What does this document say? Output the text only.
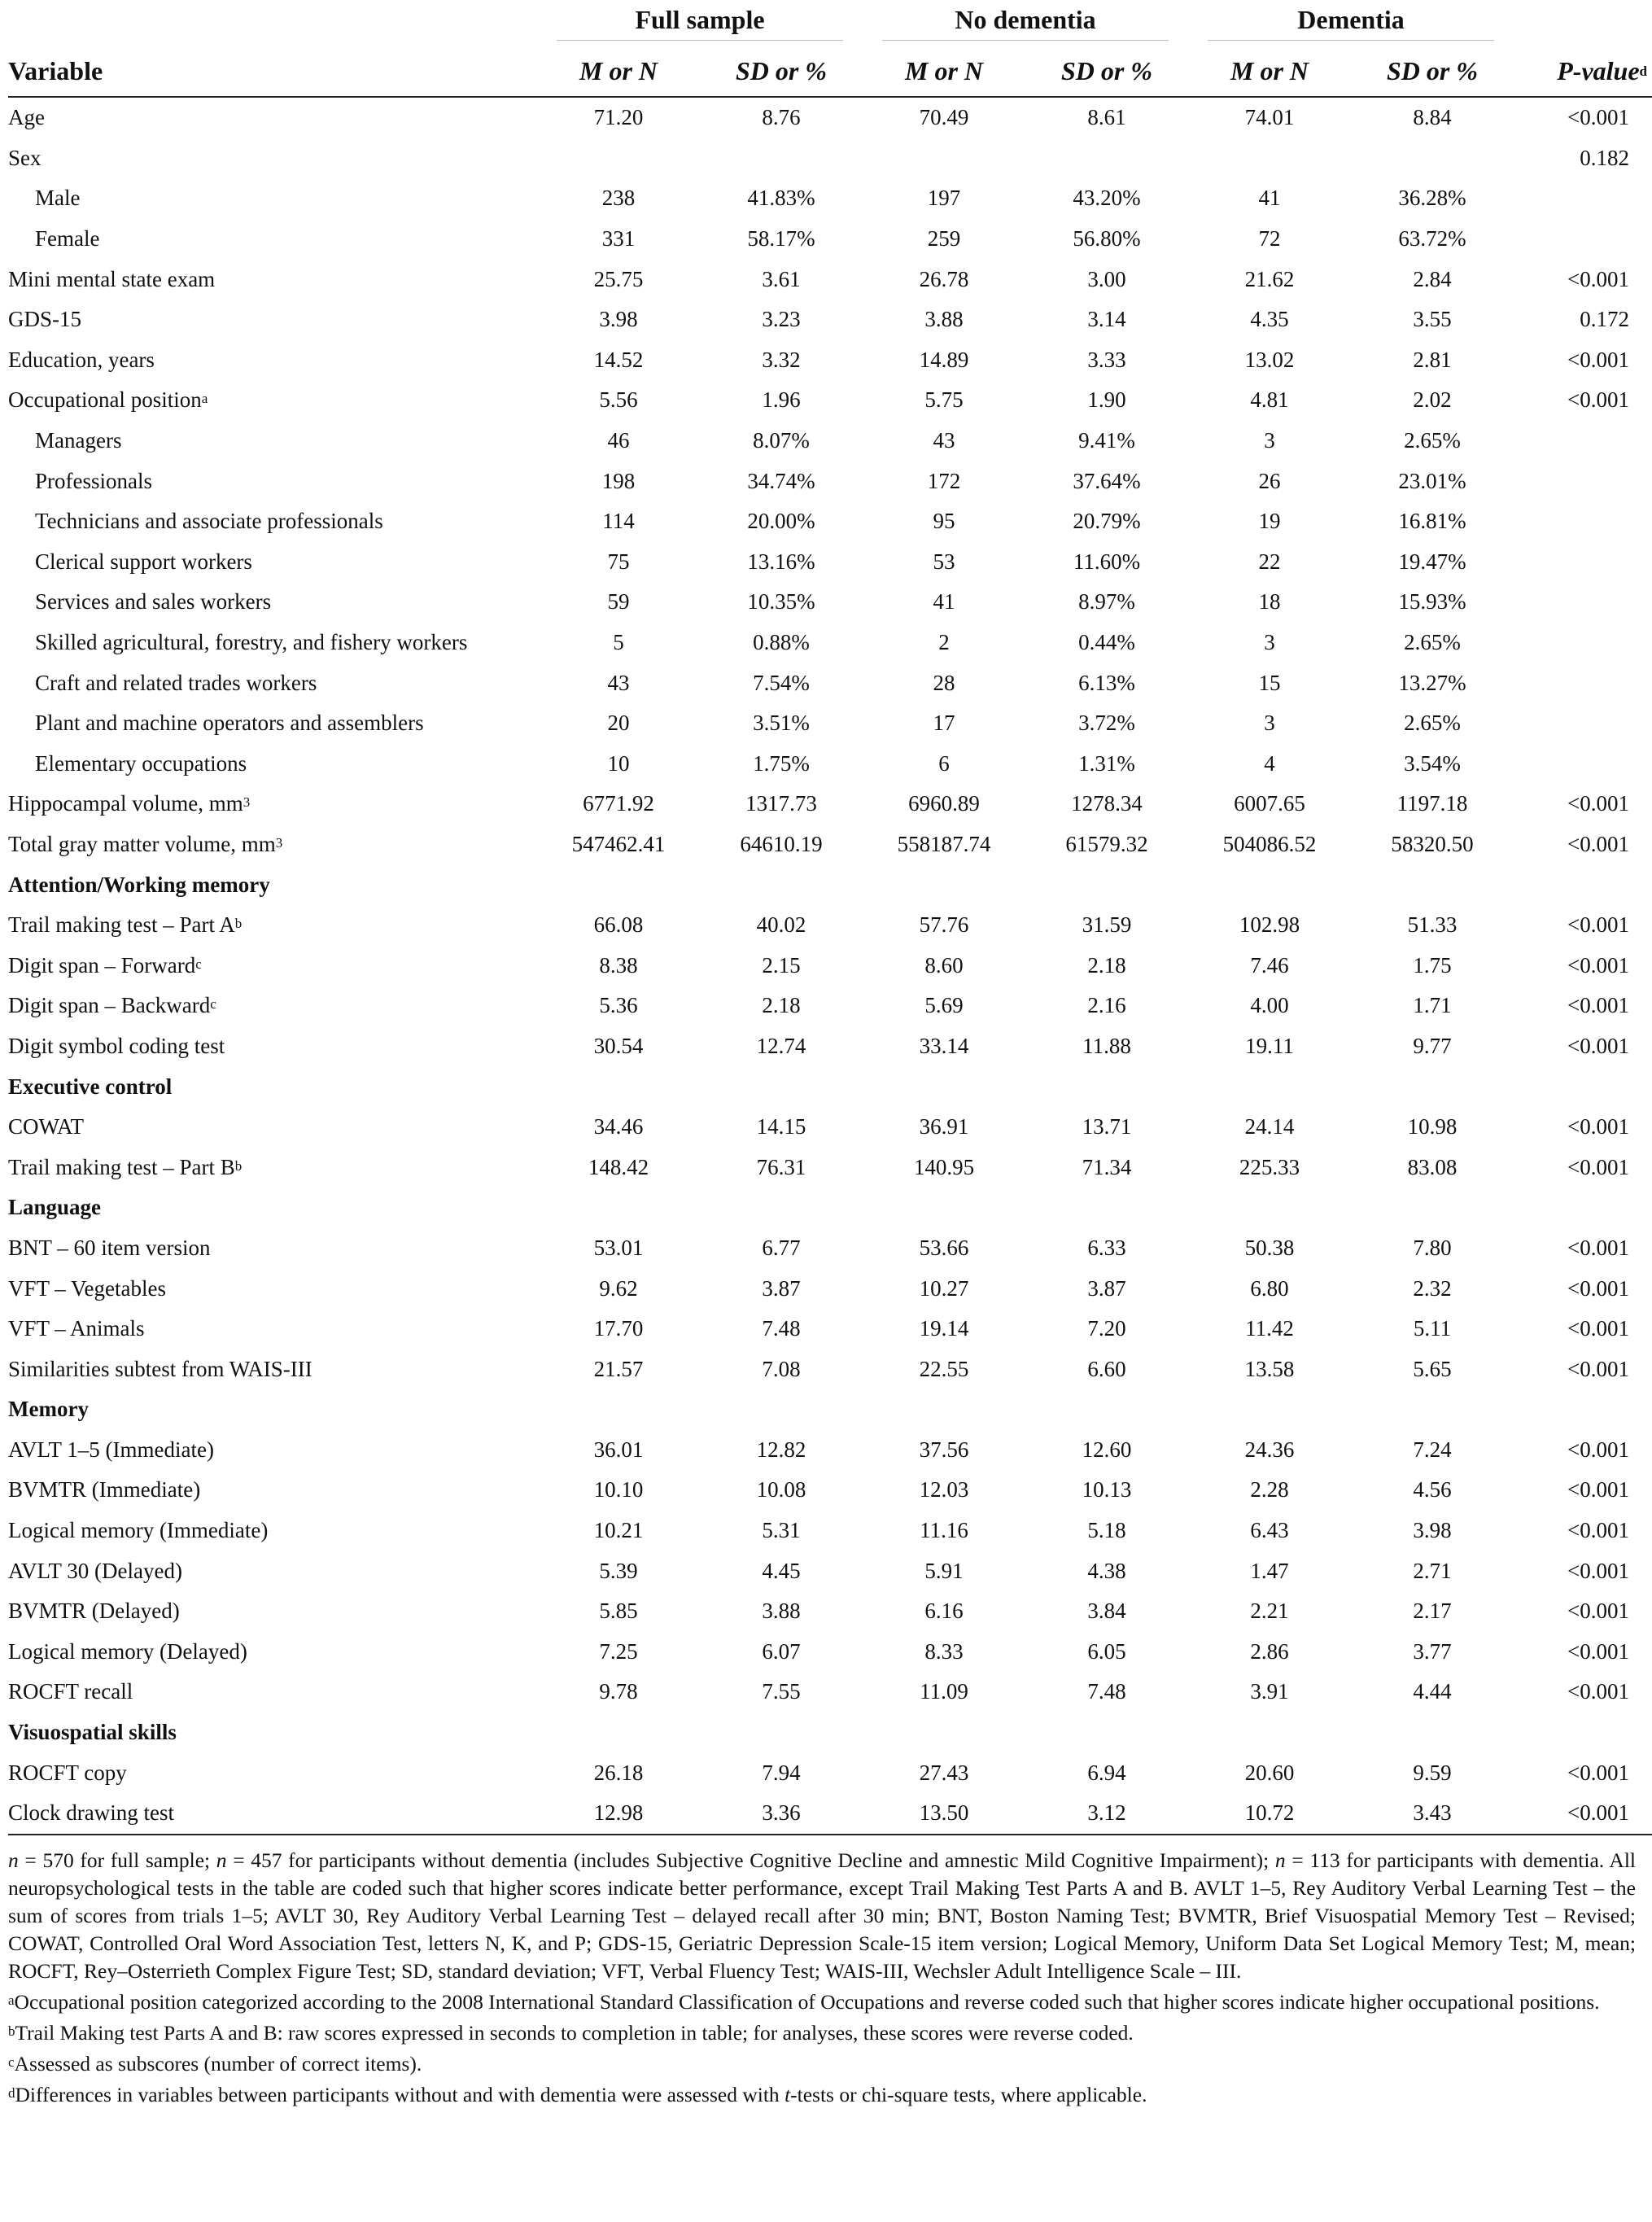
	Full sample		No dementia		Dementia	

Variable	M or N	SD or %	M or N	SD or %	M or N	SD or %	P-value$^d$
Age	71.20	8.76	70.49	8.61	74.01	8.84	<0.001
Sex							0.182
Male	238	41.83%	197	43.20%	41	36.28%	
Female	331	58.17%	259	56.80%	72	63.72%	
Mini mental state exam	25.75	3.61	26.78	3.00	21.62	2.84	<0.001
GDS-15	3.98	3.23	3.88	3.14	4.35	3.55	0.172
Education, years	14.52	3.32	14.89	3.33	13.02	2.81	<0.001
Occupational position$^a$	5.56	1.96	5.75	1.90	4.81	2.02	<0.001
Managers	46	8.07%	43	9.41%	3	2.65%	
Professionals	198	34.74%	172	37.64%	26	23.01%	
Technicians and associate professionals	114	20.00%	95	20.79%	19	16.81%	
Clerical support workers	75	13.16%	53	11.60%	22	19.47%	
Services and sales workers	59	10.35%	41	8.97%	18	15.93%	
Skilled agricultural, forestry, and fishery workers	5	0.88%	2	0.44%	3	2.65%	
Craft and related trades workers	43	7.54%	28	6.13%	15	13.27%	
Plant and machine operators and assemblers	20	3.51%	17	3.72%	3	2.65%	
Elementary occupations	10	1.75%	6	1.31%	4	3.54%	
Hippocampal volume, $mm^3$	6771.92	1317.73	6960.89	1278.34	6007.65	1197.18	<0.001
Total gray matter volume, $mm^3$	547462.41	64610.19	558187.74	61579.32	504086.52	58320.50	<0.001
Attention/Working memory							
Trail making test – Part $A^b$	66.08	40.02	57.76	31.59	102.98	51.33	<0.001
Digit span – Forward$^c$	8.38	2.15	8.60	2.18	7.46	1.75	<0.001
Digit span – Backward$^c$	5.36	2.18	5.69	2.16	4.00	1.71	<0.001
Digit symbol coding test	30.54	12.74	33.14	11.88	19.11	9.77	<0.001
Executive control							
COWAT	34.46	14.15	36.91	13.71	24.14	10.98	<0.001
Trail making test – Part $B^b$	148.42	76.31	140.95	71.34	225.33	83.08	<0.001
Language							
BNT – 60 item version	53.01	6.77	53.66	6.33	50.38	7.80	<0.001
VFT – Vegetables	9.62	3.87	10.27	3.87	6.80	2.32	<0.001
VFT – Animals	17.70	7.48	19.14	7.20	11.42	5.11	<0.001
Similarities subtest from WAIS-III	21.57	7.08	22.55	6.60	13.58	5.65	<0.001
Memory							
AVLT 1–5 (Immediate)	36.01	12.82	37.56	12.60	24.36	7.24	<0.001
BVMTR (Immediate)	10.10	10.08	12.03	10.13	2.28	4.56	<0.001
Logical memory (Immediate)	10.21	5.31	11.16	5.18	6.43	3.98	<0.001
AVLT 30 (Delayed)	5.39	4.45	5.91	4.38	1.47	2.71	<0.001
BVMTR (Delayed)	5.85	3.88	6.16	3.84	2.21	2.17	<0.001
Logical memory (Delayed)	7.25	6.07	8.33	6.05	2.86	3.77	<0.001
ROCFT recall	9.78	7.55	11.09	7.48	3.91	4.44	<0.001
Visuospatial skills							
ROCFT copy	26.18	7.94	27.43	6.94	20.60	9.59	<0.001
Clock drawing test	12.98	3.36	13.50	3.12	10.72	3.43	<0.001

n = 570 for full sample; n = 457 for participants without dementia (includes Subjective Cognitive Decline and amnestic Mild Cognitive Impairment); n = 113 for participants with dementia. All neuropsychological tests in the table are coded such that higher scores indicate better performance, except Trail Making Test Parts A and B. AVLT 1–5, Rey Auditory Verbal Learning Test – the sum of scores from trials 1–5; AVLT 30, Rey Auditory Verbal Learning Test – delayed recall after 30 min; BNT, Boston Naming Test; BVMTR, Brief Visuospatial Memory Test – Revised; COWAT, Controlled Oral Word Association Test, letters N, K, and P; GDS-15, Geriatric Depression Scale-15 item version; Logical Memory, Uniform Data Set Logical Memory Test; M, mean; ROCFT, Rey–Osterrieth Complex Figure Test; SD, standard deviation; VFT, Verbal Fluency Test; WAIS-III, Wechsler Adult Intelligence Scale – III.

$^a$Occupational position categorized according to the 2008 International Standard Classification of Occupations and reverse coded such that higher scores indicate higher occupational positions.

$^b$Trail Making test Parts A and B: raw scores expressed in seconds to completion in table; for analyses, these scores were reverse coded.

$^c$Assessed as subscores (number of correct items).

$^d$Differences in variables between participants without and with dementia were assessed with t-tests or chi-square tests, where applicable.
